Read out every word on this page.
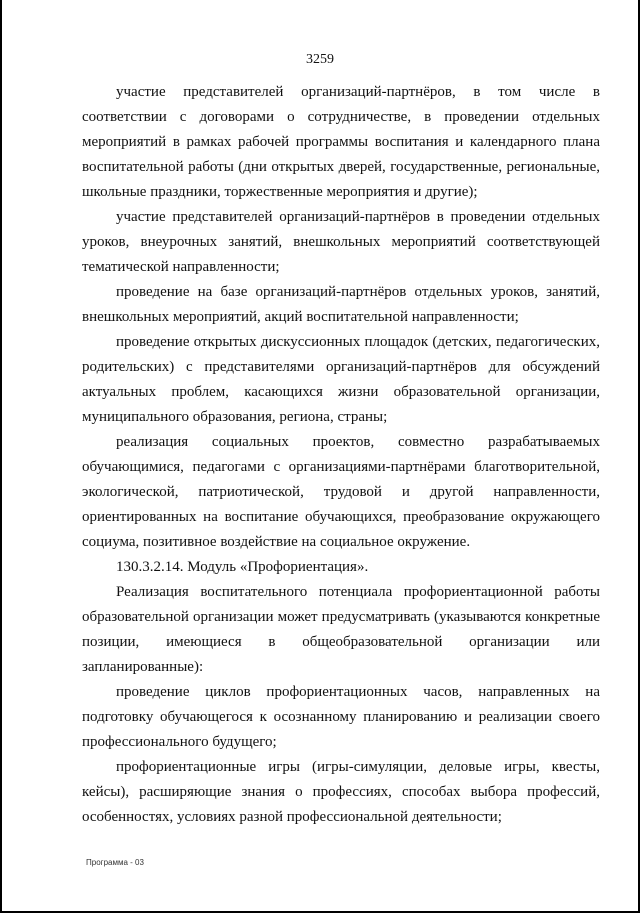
3259

участие представителей организаций-партнёров, в том числе в соответствии с договорами о сотрудничестве, в проведении отдельных мероприятий в рамках рабочей программы воспитания и календарного плана воспитательной работы (дни открытых дверей, государственные, региональные, школьные праздники, торжественные мероприятия и другие);

участие представителей организаций-партнёров в проведении отдельных уроков, внеурочных занятий, внешкольных мероприятий соответствующей тематической направленности;

проведение на базе организаций-партнёров отдельных уроков, занятий, внешкольных мероприятий, акций воспитательной направленности;

проведение открытых дискуссионных площадок (детских, педагогических, родительских) с представителями организаций-партнёров для обсуждений актуальных проблем, касающихся жизни образовательной организации, муниципального образования, региона, страны;

реализация социальных проектов, совместно разрабатываемых обучающимися, педагогами с организациями-партнёрами благотворительной, экологической, патриотической, трудовой и другой направленности, ориентированных на воспитание обучающихся, преобразование окружающего социума, позитивное воздействие на социальное окружение.

130.3.2.14. Модуль «Профориентация».

Реализация воспитательного потенциала профориентационной работы образовательной организации может предусматривать (указываются конкретные позиции, имеющиеся в общеобразовательной организации или запланированные):

проведение циклов профориентационных часов, направленных на подготовку обучающегося к осознанному планированию и реализации своего профессионального будущего;

профориентационные игры (игры-симуляции, деловые игры, квесты, кейсы), расширяющие знания о профессиях, способах выбора профессий, особенностях, условиях разной профессиональной деятельности;

Программа - 03
